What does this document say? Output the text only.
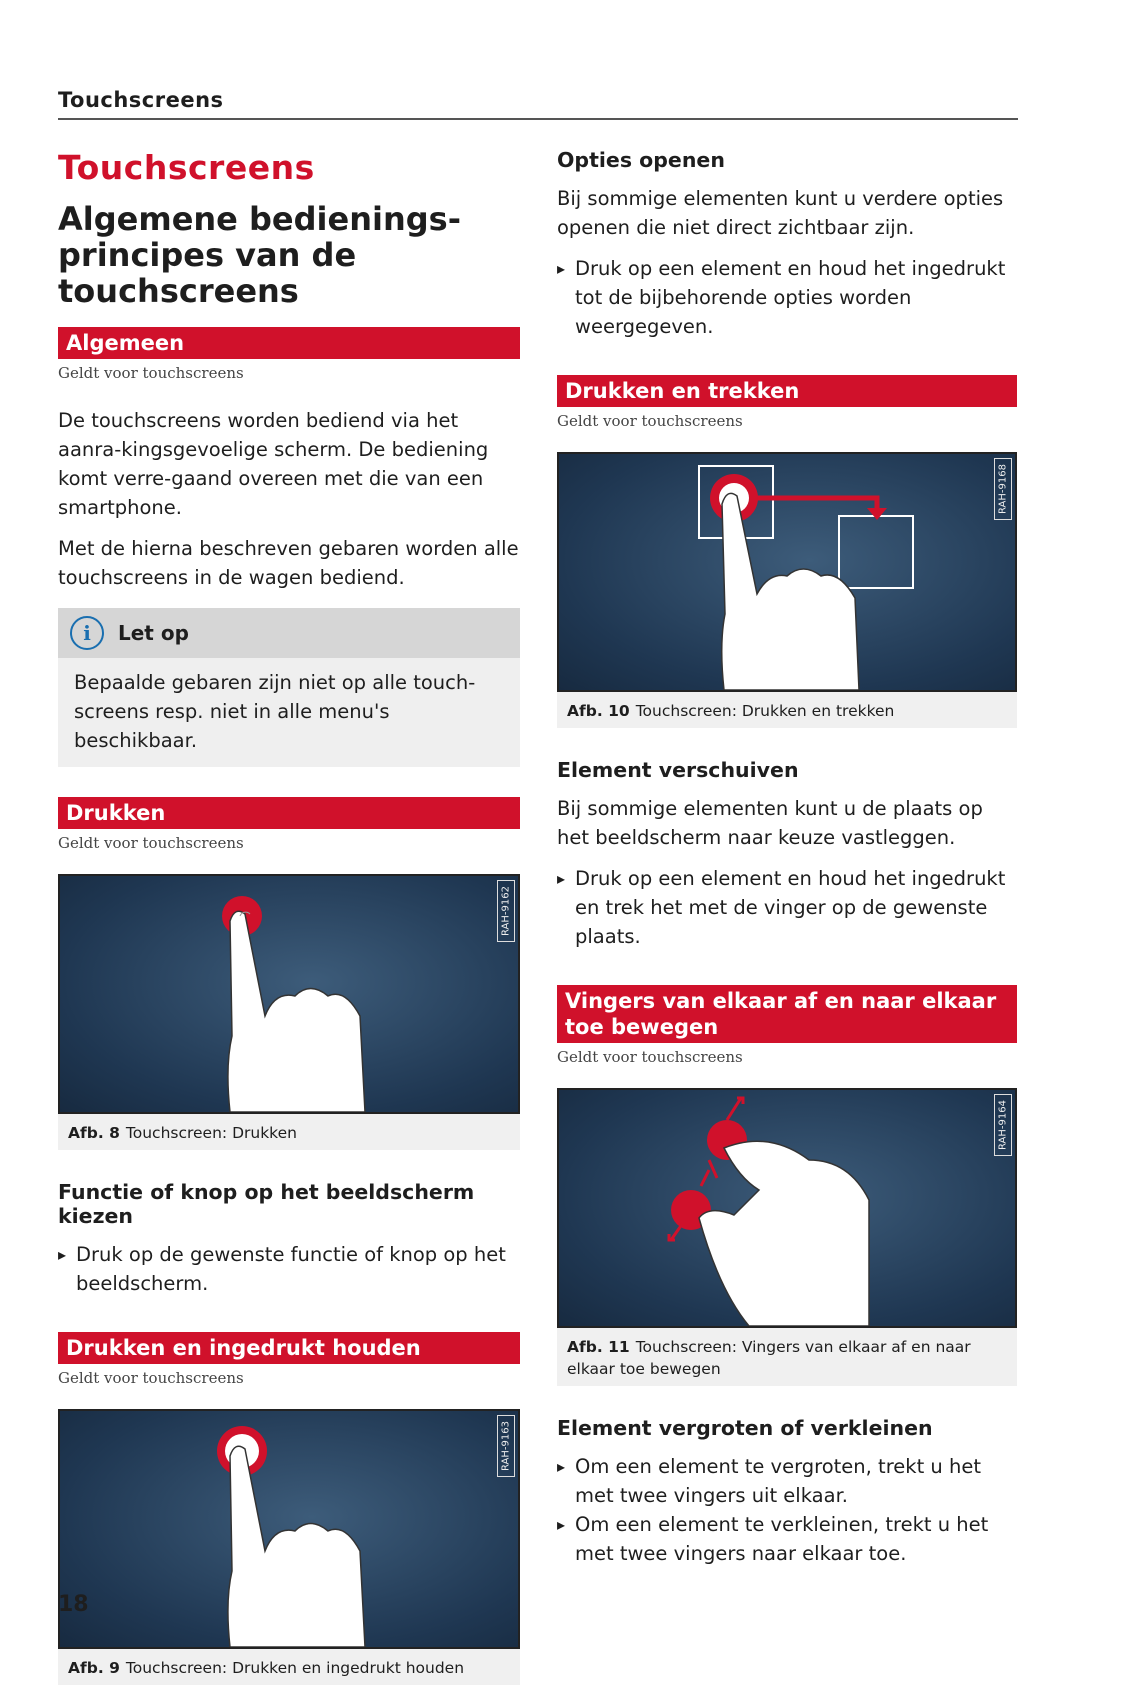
Touchscreens
Touchscreens
Algemene bedienings-
principes van de
touchscreens
Algemeen
Geldt voor touchscreens
De touchscreens worden bediend via het aanra-kingsgevoelige scherm. De bediening komt verre-gaand overeen met die van een smartphone.
Met de hierna beschreven gebaren worden alle touchscreens in de wagen bediend.
i	Let op
Bepaalde gebaren zijn niet op alle touch-screens resp. niet in alle menu's beschikbaar.
Drukken
Geldt voor touchscreens
RAH-9162
Afb. 8 Touchscreen: Drukken
Functie of knop op het beeldscherm kiezen
▸ Druk op de gewenste functie of knop op het beeldscherm.
Drukken en ingedrukt houden
Geldt voor touchscreens
RAH-9163
Afb. 9 Touchscreen: Drukken en ingedrukt houden
Opties openen
Bij sommige elementen kunt u verdere opties openen die niet direct zichtbaar zijn.
▸ Druk op een element en houd het ingedrukt tot de bijbehorende opties worden weergegeven.
Drukken en trekken
Geldt voor touchscreens
RAH-9168
Afb. 10 Touchscreen: Drukken en trekken
Element verschuiven
Bij sommige elementen kunt u de plaats op het beeldscherm naar keuze vastleggen.
▸ Druk op een element en houd het ingedrukt en trek het met de vinger op de gewenste plaats.
Vingers van elkaar af en naar elkaar toe bewegen
Geldt voor touchscreens
RAH-9164
Afb. 11 Touchscreen: Vingers van elkaar af en naar elkaar toe bewegen
Element vergroten of verkleinen
▸ Om een element te vergroten, trekt u het met twee vingers uit elkaar.
▸ Om een element te verkleinen, trekt u het met twee vingers naar elkaar toe.
18
